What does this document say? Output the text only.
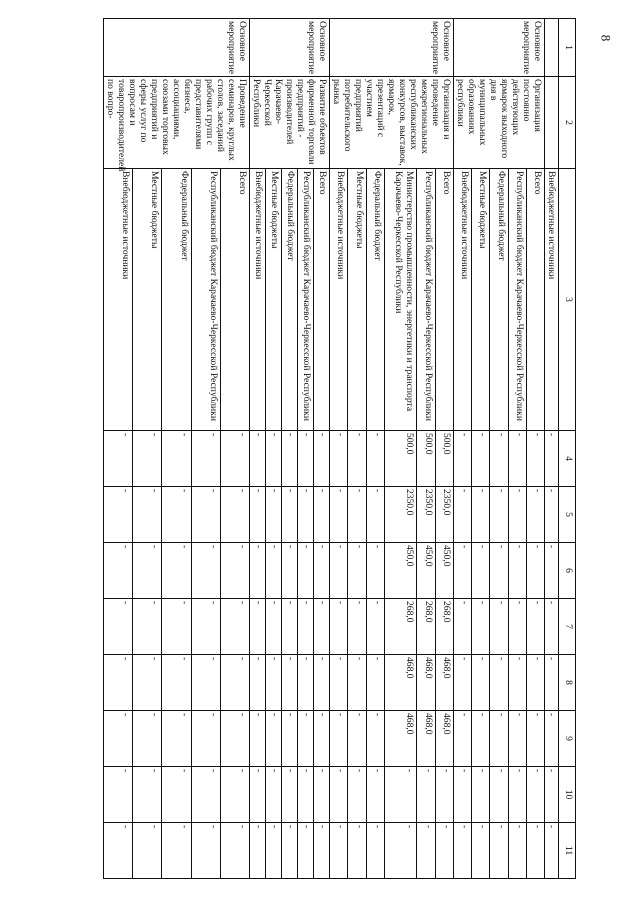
8
1	2	3	4	5	6	7	8	9	10	11
		Внебюджетные источники	-	-	-	-	-	-	-	-
Основное мероприятие	Организация постоянно действующих ярмарок выходного дня в муниципальных образованиях республики	Всего	-	-	-	-	-	-	-	-
		Республиканский бюджет Карачаево-Черкесской Республики	-	-	-	-	-	-	-	-
		Федеральный бюджет	-	-	-	-	-	-	-	-
		Местные бюджеты	-	-	-	-	-	-	-	-
		Внебюджетные источники	-	-	-	-	-	-	-	-
Основное мероприятие	Организация и проведение межрегиональных республиканских конкурсов, выставок, ярмарок, презентаций с участием предприятий потребительского рынка	Всего	500,0	2350,0	450,0	268,0	468,0	468,0	-	-
		Республиканский бюджет Карачаево-Черкесской Республики	500,0	2350,0	450,0	268,0	468,0	468,0	-	-
		Министерство промышленности, энергетики и транспорта Карачаево-Черкесской Республики	500,0	2350,0	450,0	268,0	468,0	468,0	-	-
		Федеральный бюджет	-	-	-	-	-	-	-	-
		Местные бюджеты	-	-	-	-	-	-	-	-
		Внебюджетные источники	-	-	-	-	-	-	-	-
Основное мероприятие	Развитие объектов фирменной торговли предприятий - производителей Карачаево-Черкесской Республики	Всего	-	-	-	-	-	-	-	-
		Республиканский бюджет Карачаево-Черкесской Республики	-	-	-	-	-	-	-	-
		Федеральный бюджет	-	-	-	-	-	-	-	-
		Местные бюджеты	-	-	-	-	-	-	-	-
		Внебюджетные источники	-	-	-	-	-	-	-	-
Основное мероприятие	Проведение семинаров, круглых столов, заседаний рабочих групп с представителями бизнеса, ассоциациями, союзами торговых предприятий и сферы услуг по вопросам и товаропроизводителей по вопро-	Всего	-	-	-	-	-	-	-	-
		Республиканский бюджет Карачаево-Черкесской Республики	-	-	-	-	-	-	-	-
		Федеральный бюджет	-	-	-	-	-	-	-	-
		Местные бюджеты	-	-	-	-	-	-	-	-
		Внебюджетные источники	-	-	-	-	-	-	-	-
